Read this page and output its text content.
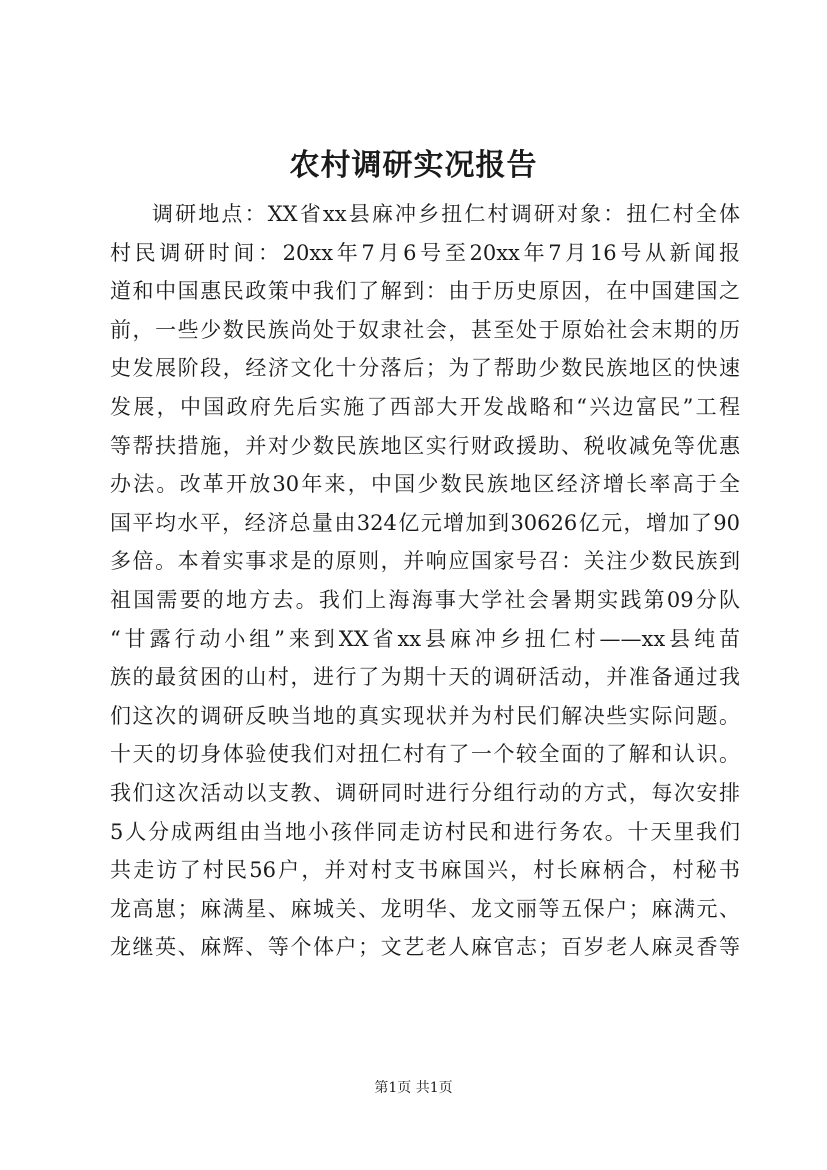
农村调研实况报告
调研地点：XX省xx县麻冲乡扭仁村调研对象：扭仁村全体
村民调研时间：20xx年7月6号至20xx年7月16号从新闻报
道和中国惠民政策中我们了解到：由于历史原因，在中国建国之
前，一些少数民族尚处于奴隶社会，甚至处于原始社会末期的历
史发展阶段，经济文化十分落后；为了帮助少数民族地区的快速
发展，中国政府先后实施了西部大开发战略和“兴边富民”工程
等帮扶措施，并对少数民族地区实行财政援助、税收减免等优惠
办法。改革开放30年来，中国少数民族地区经济增长率高于全
国平均水平，经济总量由324亿元增加到30626亿元，增加了90
多倍。本着实事求是的原则，并响应国家号召：关注少数民族到
祖国需要的地方去。我们上海海事大学社会暑期实践第09分队
“甘露行动小组”来到XX省xx县麻冲乡扭仁村——xx县纯苗
族的最贫困的山村，进行了为期十天的调研活动，并准备通过我
们这次的调研反映当地的真实现状并为村民们解决些实际问题。
十天的切身体验使我们对扭仁村有了一个较全面的了解和认识。
我们这次活动以支教、调研同时进行分组行动的方式，每次安排
5人分成两组由当地小孩伴同走访村民和进行务农。十天里我们
共走访了村民56户，并对村支书麻国兴，村长麻柄合，村秘书
龙高崽；麻满星、麻城关、龙明华、龙文丽等五保户；麻满元、
龙继英、麻辉、等个体户；文艺老人麻官志；百岁老人麻灵香等
第1页 共1页
